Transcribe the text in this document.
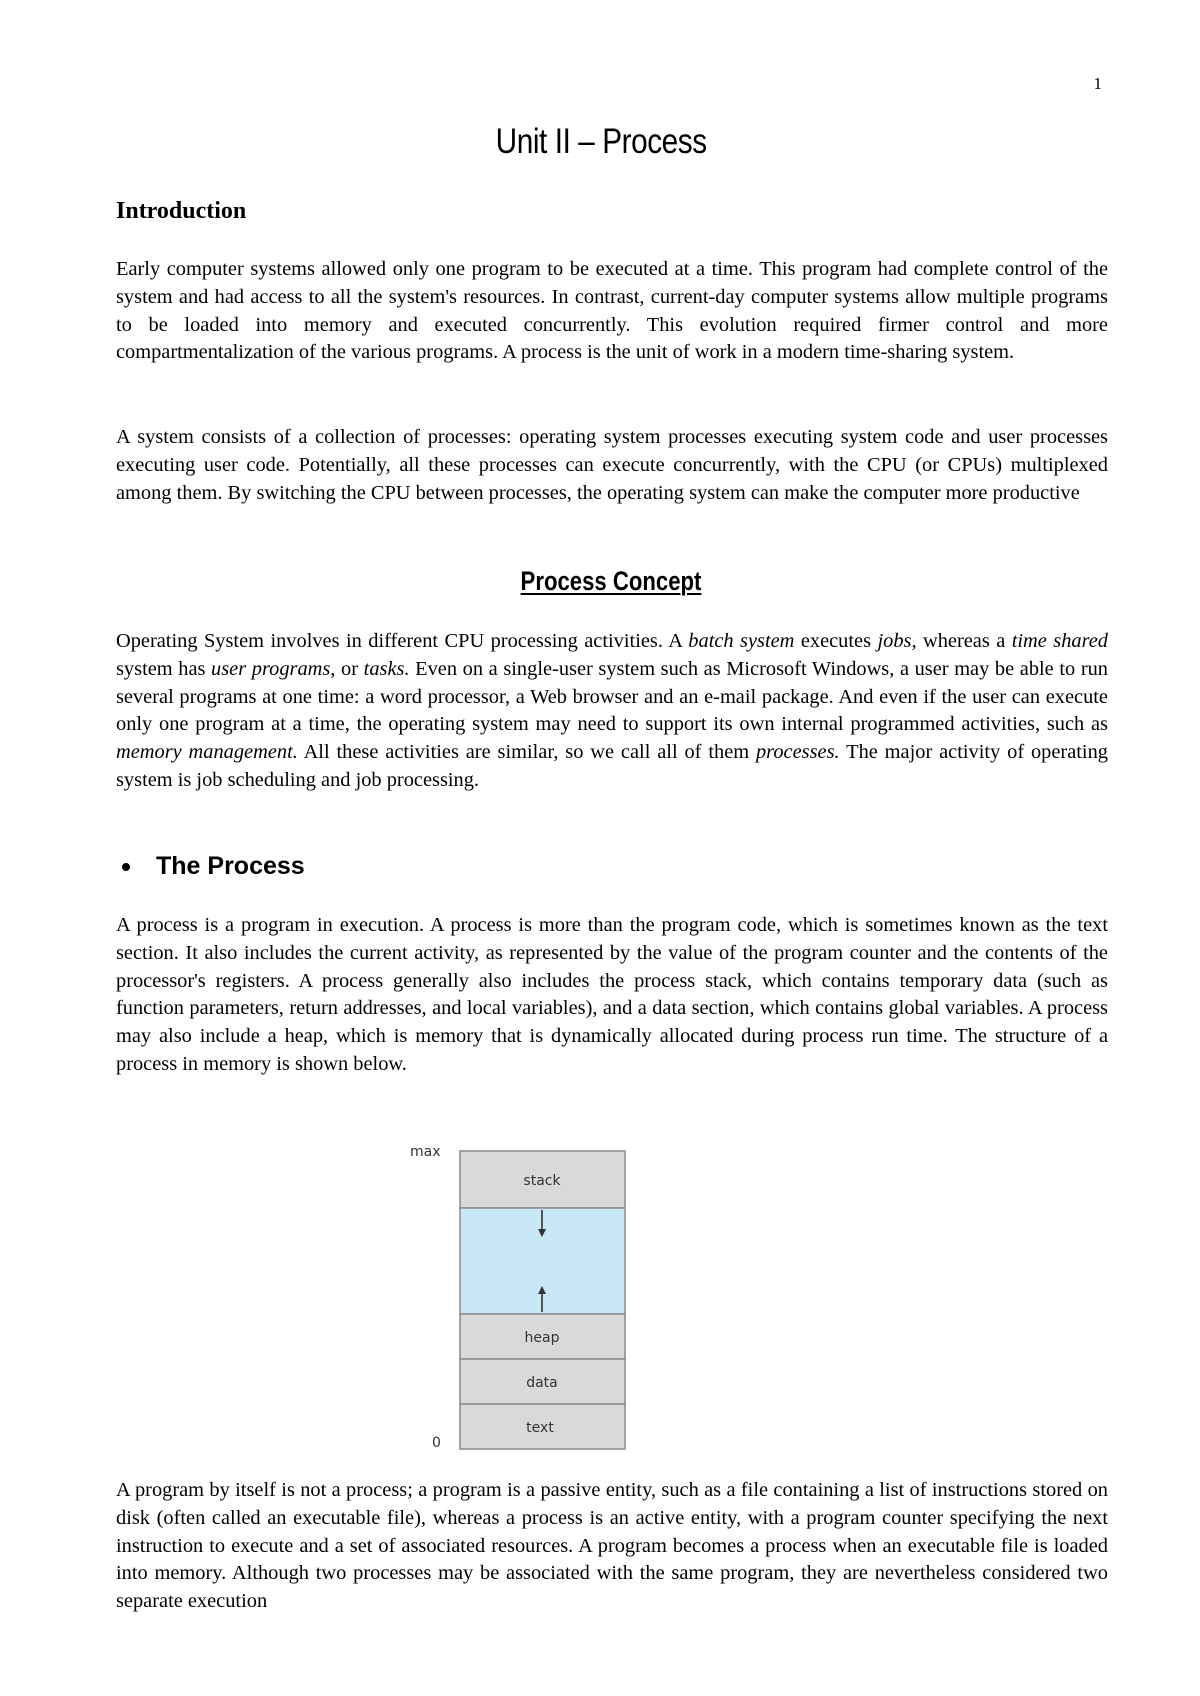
1
Unit II – Process
Introduction

Early computer systems allowed only one program to be executed at a time. This program had complete control of the system and had access to all the system's resources. In contrast, current-day computer systems allow multiple programs to be loaded into memory and executed concurrently. This evolution required firmer control and more compartmentalization of the various programs. A process is the unit of work in a modern time-sharing system.

A system consists of a collection of processes: operating system processes executing system code and user processes executing user code. Potentially, all these processes can execute concurrently, with the CPU (or CPUs) multiplexed among them. By switching the CPU between processes, the operating system can make the computer more productive

Process Concept

Operating System involves in different CPU processing activities. A batch system executes jobs, whereas a time shared system has user programs, or tasks. Even on a single-user system such as Microsoft Windows, a user may be able to run several programs at one time: a word processor, a Web browser and an e-mail package. And even if the user can execute only one program at a time, the operating system may need to support its own internal programmed activities, such as memory management. All these activities are similar, so we call all of them processes. The major activity of operating system is job scheduling and job processing.

The Process

A process is a program in execution. A process is more than the program code, which is sometimes known as the text section. It also includes the current activity, as represented by the value of the program counter and the contents of the processor's registers. A process generally also includes the process stack, which contains temporary data (such as function parameters, return addresses, and local variables), and a data section, which contains global variables. A process may also include a heap, which is memory that is dynamically allocated during process run time. The structure of a process in memory is shown below.

max
0
stack
heap
data
text

A program by itself is not a process; a program is a passive entity, such as a file containing a list of instructions stored on disk (often called an executable file), whereas a process is an active entity, with a program counter specifying the next instruction to execute and a set of associated resources. A program becomes a process when an executable file is loaded into memory. Although two processes may be associated with the same program, they are nevertheless considered two separate execution
